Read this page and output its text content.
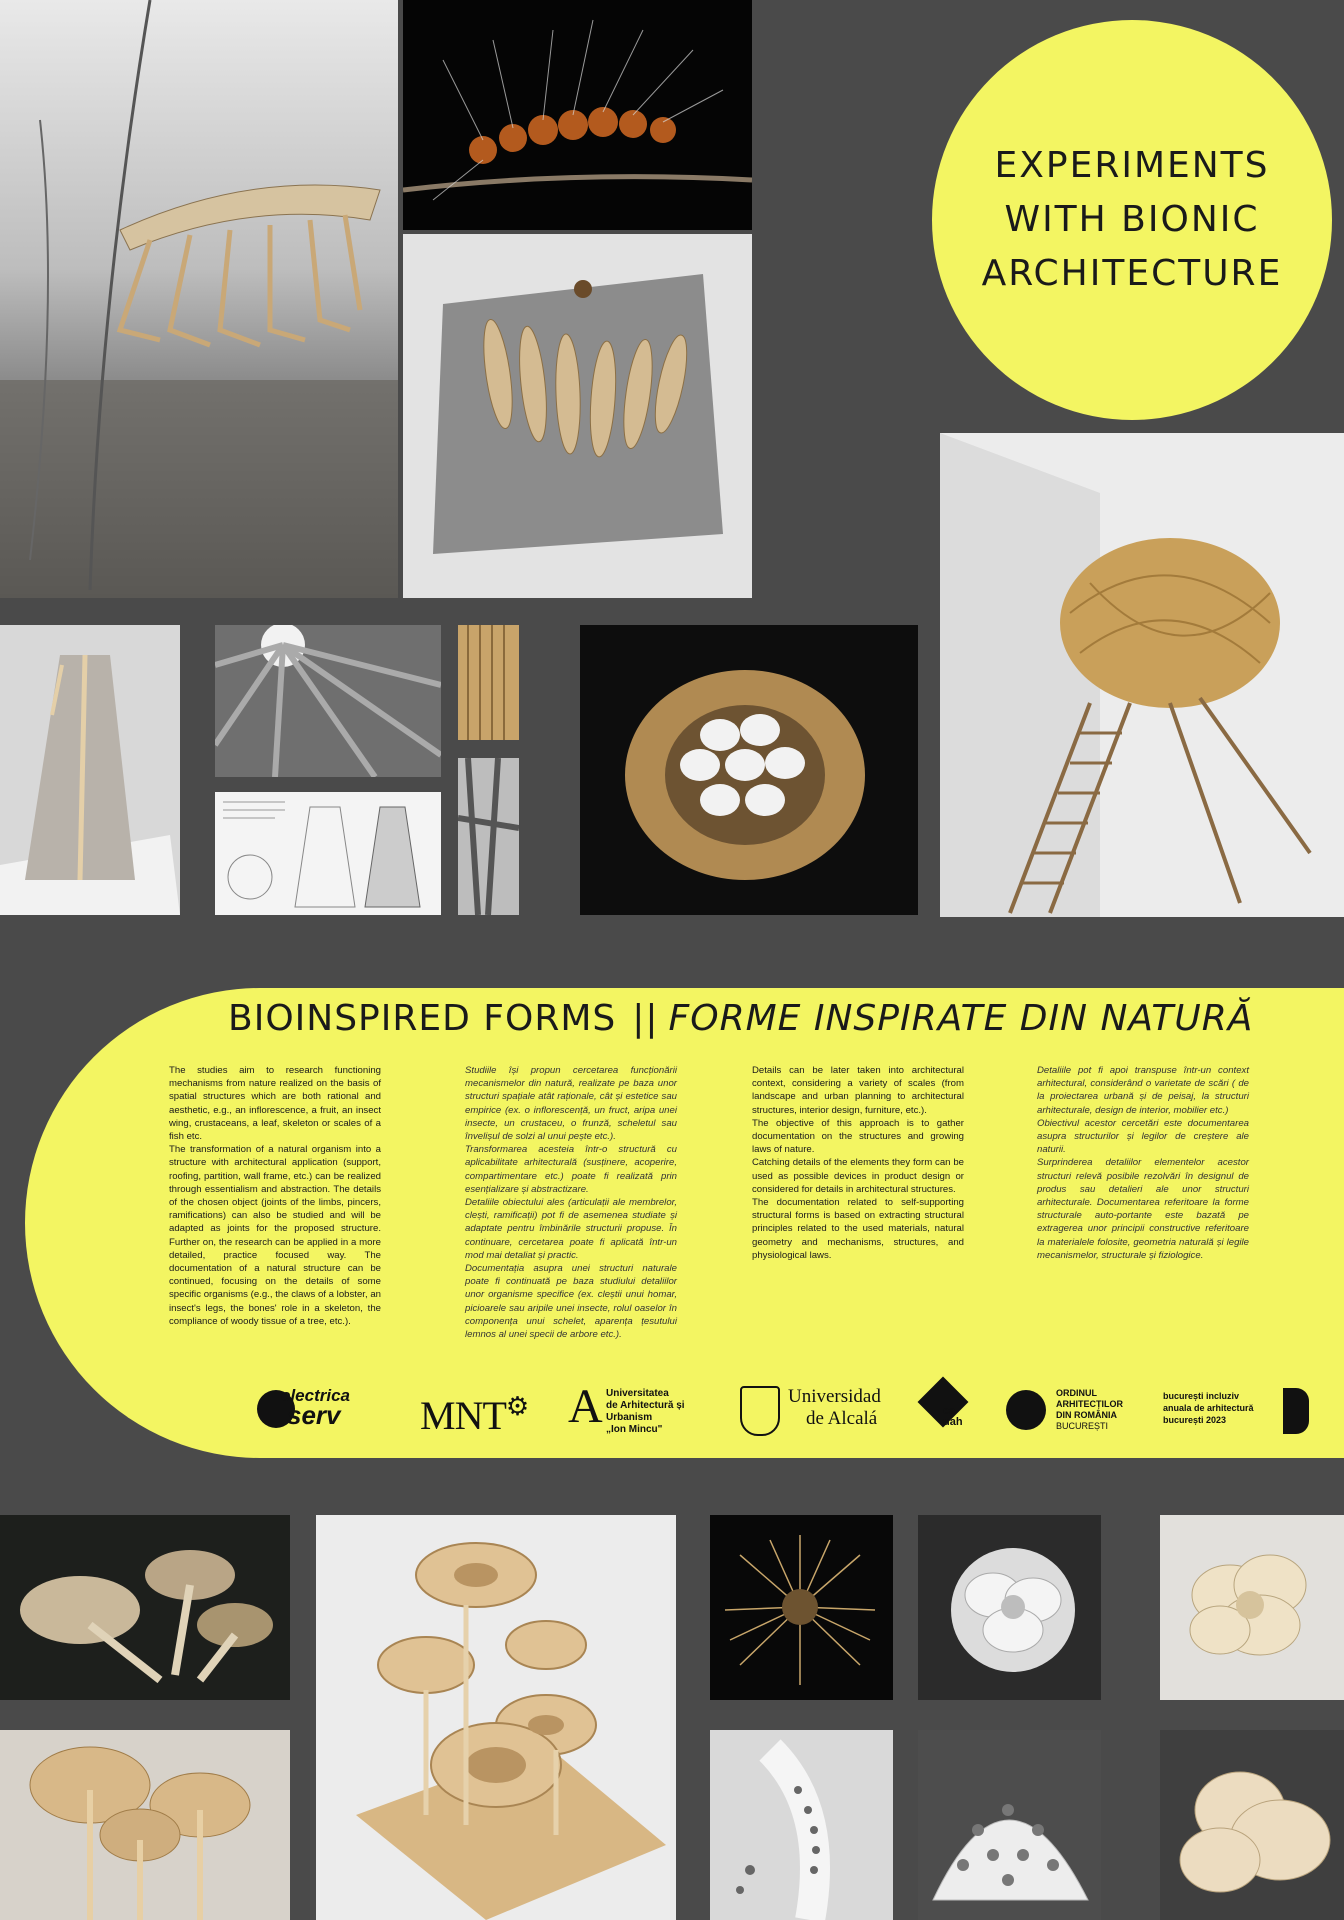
EXPERIMENTS
WITH BIONIC
ARCHITECTURE
BIOINSPIRED FORMS || FORME INSPIRATE DIN NATURĂ

The studies aim to research functioning mechanisms from nature realized on the basis of spatial structures which are both rational and aesthetic, e.g., an inflorescence, a fruit, an insect wing, crustaceans, a leaf, skeleton or scales of a fish etc.

The transformation of a natural organism into a structure with architectural application (support, roofing, partition, wall frame, etc.) can be realized through essentialism and abstraction. The details of the chosen object (joints of the limbs, pincers, ramifications) can also be studied and will be adapted as joints for the proposed structure. Further on, the research can be applied in a more detailed, practice focused way. The documentation of a natural structure can be continued, focusing on the details of some specific organisms (e.g., the claws of a lobster, an insect's legs, the bones' role in a skeleton, the compliance of woody tissue of a tree, etc.).

Studiile își propun cercetarea funcționării mecanismelor din natură, realizate pe baza unor structuri spațiale atât raționale, cât și estetice sau empirice (ex. o inflorescență, un fruct, aripa unei insecte, un crustaceu, o frunză, scheletul sau învelișul de solzi al unui pește etc.).

Transformarea acesteia într-o structură cu aplicabilitate arhitecturală (susținere, acoperire, compartimentare etc.) poate fi realizată prin esențializare și abstractizare.

Detaliile obiectului ales (articulații ale membrelor, clești, ramificații) pot fi de asemenea studiate și adaptate pentru îmbinările structurii propuse. În continuare, cercetarea poate fi aplicată într-un mod mai detaliat și practic.

Documentația asupra unei structuri naturale poate fi continuată pe baza studiului detaliilor unor organisme specifice (ex. cleștii unui homar, picioarele sau aripile unei insecte, rolul oaselor în componența unui schelet, aparența țesutului lemnos al unei specii de arbore etc.).

Details can be later taken into architectural context, considering a variety of scales (from landscape and urban planning to architectural structures, interior design, furniture, etc.).

The objective of this approach is to gather documentation on the structures and growing laws of nature.

Catching details of the elements they form can be used as possible devices in product design or considered for details in architectural structures.

The documentation related to self-supporting structural forms is based on extracting structural principles related to the used materials, natural geometry and mechanisms, structures, and physiological laws.

Detaliile pot fi apoi transpuse într-un context arhitectural, considerând o varietate de scări ( de la proiectarea urbană și de peisaj, la structuri arhitecturale, design de interior, mobilier etc.)

Obiectivul acestor cercetări este documentarea asupra structurilor și legilor de creștere ale naturii.

Surprinderea detaliilor elementelor acestor structuri relevă posibile rezolvări în designul de produs sau detalieri ale unor structuri arhitecturale. Documentarea referitoare la forme structurale auto-portante este bazată pe extragerea unor principii constructive referitoare la materialele folosite, geometria naturală și legile mecanismelor, structurale și fiziologice.

electrica
serv MNT⚙ A Universitatea
de Arhitectură și Urbanism
„Ion Mincu"
Universidad
de Alcalá	ea
uah
ORDINUL
ARHITECȚILOR
DIN ROMÂNIA
BUCUREȘTI
bucurești incluziv
anuala de arhitectură
bucurești 2023
